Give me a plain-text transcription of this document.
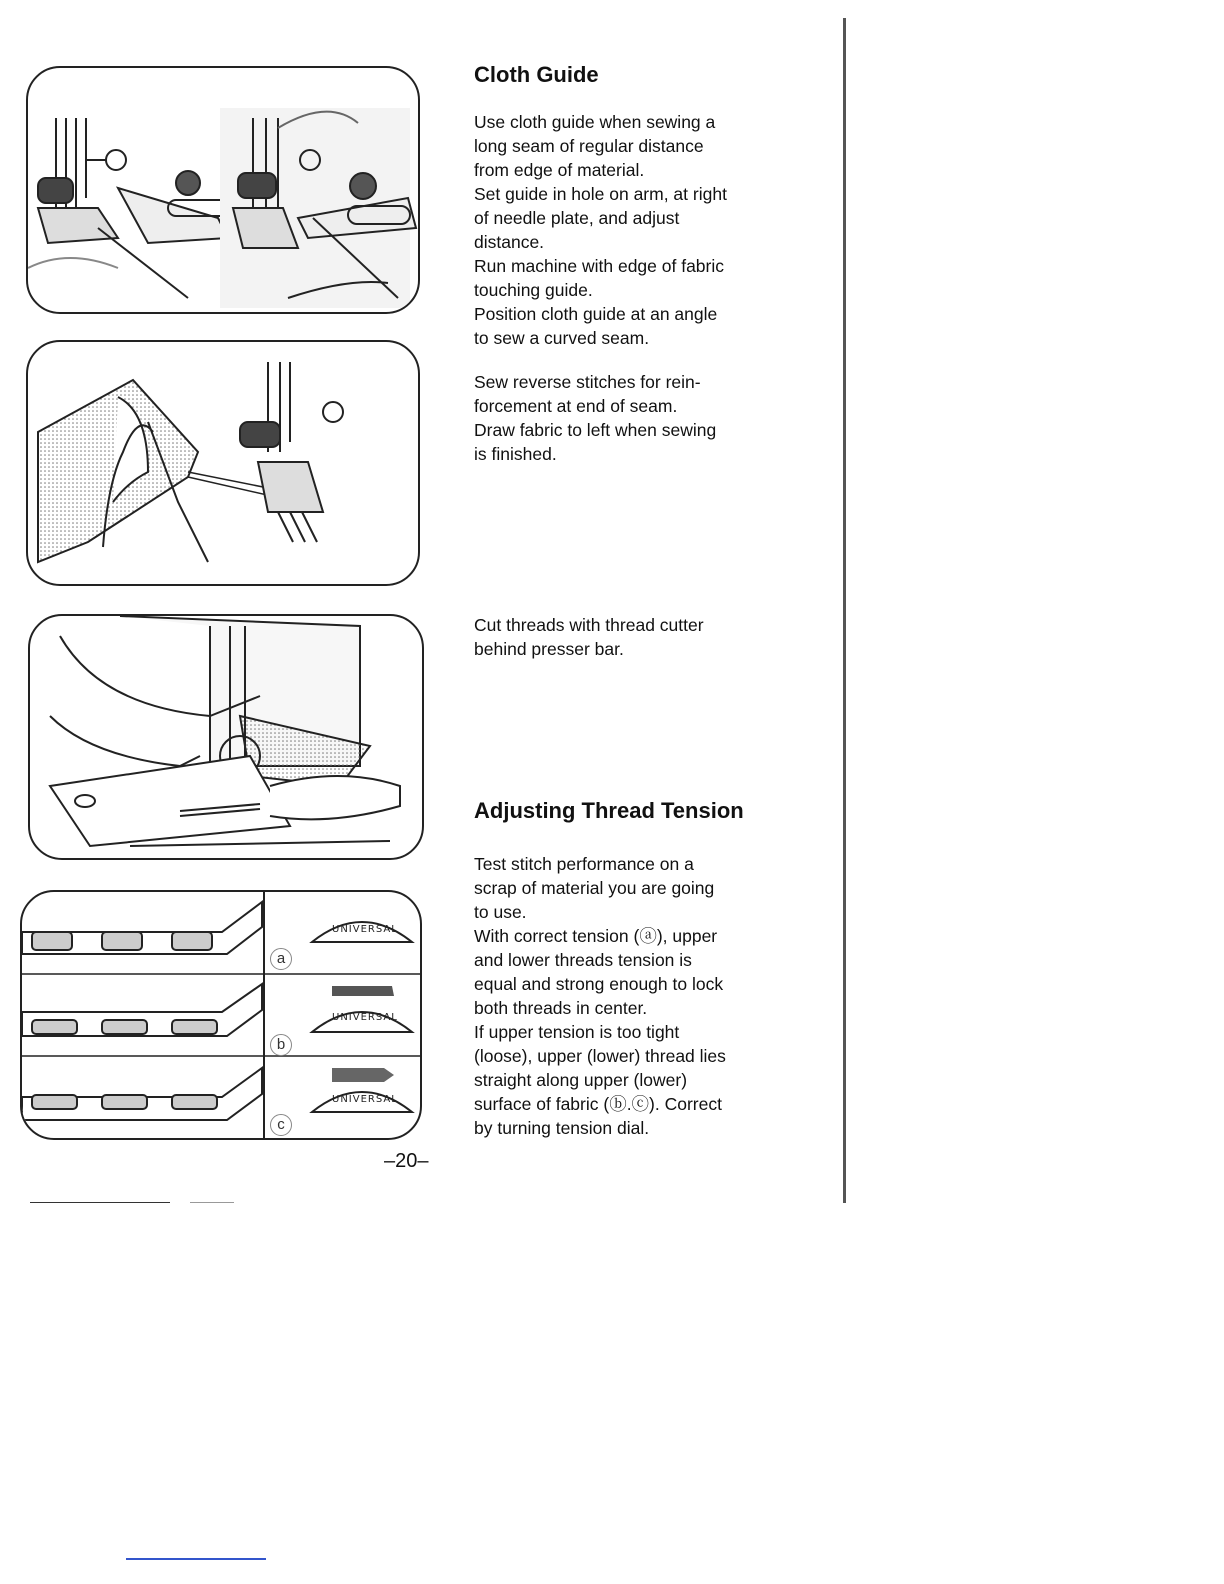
UNIVERSAL
UNIVERSAL
UNIVERSAL
a
b
c
Cloth Guide
Use cloth guide when sewing a
long seam of regular distance
from edge of material.
Set guide in hole on arm, at right
of needle plate, and adjust
distance.
Run machine with edge of fabric
touching guide.
Position cloth guide at an angle
to sew a curved seam.
Sew reverse stitches for rein-
forcement at end of seam.
Draw fabric to left when sewing
is finished.
Cut threads with thread cutter
behind presser bar.
Adjusting Thread Tension
Test stitch performance on a
scrap of material you are going
to use.
With correct tension (ⓐ), upper
and lower threads tension is
equal and strong enough to lock
both threads in center.
If upper tension is too tight
(loose), upper (lower) thread lies
straight along upper (lower)
surface of fabric (ⓑ.ⓒ). Correct
by turning tension dial.
–20–
